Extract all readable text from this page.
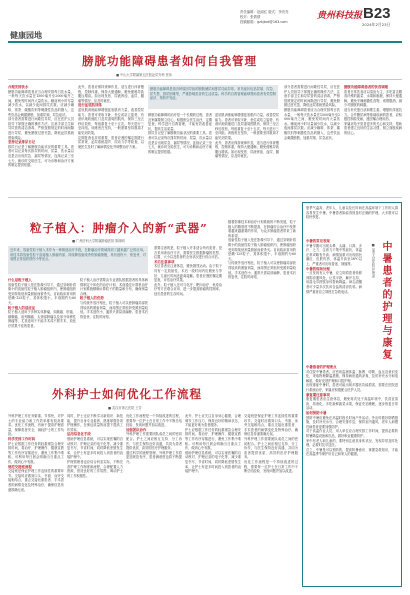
责任编辑：赵丽红 版式：李亮亮
校对：张倩倩
投稿邮箱：gzkjbrd@163.com
贵州科技报 B23
2024年2月23日
健康园地
膀胱功能障碍患者如何自我管理
■ 中山大学附属第五医院泌尿外科 张伟
合理安排饮水
膀胱功能障碍患者应当合理安排每日饮水量，一般每天饮水量在1500毫升至2000毫升之间，避免短时间内大量饮水。睡前两小时尽量减少饮水，以减少夜间排尿次数。应减少咖啡、浓茶、碳酸饮料等刺激性饮品的摄入，这些饮品会刺激膀胱，加重尿频、尿急症状。
部分患者需要进行间歇性导尿，应在医护人员指导下掌握正确的操作方法，注意手部卫生和导尿管的清洁消毒，严格按照规定的时间间隔进行导尿，避免膀胱过度充盈，降低泌尿系统感染风险。
坚持记录排尿日记
排尿日记是了解膀胱功能状况的重要工具。患者可以记录每次排尿的时间、尿量、饮水量以及是否出现尿急、漏尿等情况，连续记录三至七天，就诊时交给医生，可为诊断和治疗方案的制定提供依据。
此外，患者应保持规律作息，适当进行体育锻炼，控制体重，保持大便通畅，避免便秘导致腹压增高。如出现发热、尿液浑浊、血尿、腰痛等情况，应及时就医。
进行盆底肌训练
盆底肌训练能够增强盆底肌肉力量，改善控尿能力。患者可采取平卧、坐位或站立姿势，有意识地收缩肛门及尿道周围肌肉，保持三至五秒后放松，每组重复十至十五次，每天进行三至四组。训练贵在坚持，一般需要坚持数周才能见到效果。
定期复查也非常重要，患者应遵医嘱定期进行尿常规、泌尿系统超声、尿动力学等检查，以便医生及时了解病情变化并调整治疗方案。
膀胱功能障碍是指各种原因导致的膀胱储尿和排尿功能异常，常见症状包括尿频、尿急、尿失禁、排尿困难等，严重影响患者的生活质量。科学的自我管理能够帮助患者有效控制症状、预防并发症。
膀胱功能障碍的治疗是一个长期的过程，患者及家属要树立信心，积极配合医生治疗，定期复查，科学进行自我管理，才能有效改善症状，提高生活质量。
排尿日记是了解膀胱功能状况的重要工具。患者可以记录每次排尿的时间、尿量、饮水量以及是否出现尿急、漏尿等情况，连续记录三至七天，就诊时交给医生，可为诊断和治疗方案的制定提供依据。
盆底肌训练能够增强盆底肌肉力量，改善控尿能力。患者可采取平卧、坐位或站立姿势，有意识地收缩肛门及尿道周围肌肉，保持三至五秒后放松，每组重复十至十五次，每天进行三至四组。训练贵在坚持，一般需要坚持数周才能见到效果。
此外，患者应保持规律作息，适当进行体育锻炼，控制体重，保持大便通畅，避免便秘导致腹压增高。如出现发热、尿液浑浊、血尿、腰痛等情况，应及时就医。
部分患者需要进行间歇性导尿，应在医护人员指导下掌握正确的操作方法，注意手部卫生和导尿管的清洁消毒，严格按照规定的时间间隔进行导尿，避免膀胱过度充盈，降低泌尿系统感染风险。
膀胱功能障碍患者应当合理安排每日饮水量，一般每天饮水量在1500毫升至2000毫升之间，避免短时间内大量饮水。睡前两小时尽量减少饮水，以减少夜间排尿次数。应减少咖啡、浓茶、碳酸饮料等刺激性饮品的摄入，这些饮品会刺激膀胱，加重尿频、尿急症状。
膀胱功能障碍患者的饮食调理
患者日常饮食应以清淡为主，多吃富含膳食纤维的蔬菜、水果和粗粮，保持大便通畅。避免辛辣刺激性食物，戒烟限酒，减少对膀胱的刺激。
适当补充蛋白质和维生素，增强机体抵抗力。合并糖尿病等基础疾病的患者，应积极控制原发病，遵医嘱合理用药。
家属应给予患者更多的关心和支持，帮助患者建立良好的生活习惯，树立战胜疾病的信心。
粒子植入：肿瘤介入的新“武器”
■ 广州医科大学附属肿瘤医院 陈晓明
近年来，放射性粒子植入术作为一种微创治疗手段，在肿瘤治疗领域得到了越来越广泛的应用。该技术将放射性粒子直接植入肿瘤内部，持续释放射线杀伤肿瘤细胞，具有创伤小、恢复快、对周围正常组织损伤小等优点。
什么是粒子植入
放射性粒子植入是在影像引导下，通过穿刺针将微小的放射性粒子植入肿瘤组织内，使肿瘤组织受到持续低剂量照射而被杀灭。目前临床常用的是碘-125粒子，其体积很小，半衰期约为60天。
粒子植入的适应证
粒子植入适用于多种实体肿瘤，如肺癌、肝癌、胰腺癌、前列腺癌、头颈部肿瘤以及部分转移性肿瘤等，尤其适用于不能手术或不愿手术、放化疗效果不佳的患者。
粒子植入治疗需要由专业团队根据患者的具体病情制定个体化的治疗计划，术前通过计算机治疗计划系统精确计算粒子的数量和分布，确保剂量合理。
粒子植入的优势
与传统外放疗相比，粒子植入可以使肿瘤局部获得较高的照射剂量，而周围正常组织受照剂量较低。手术创伤小，通常只需局部麻醉，患者术后恢复快，住院时间短。
需要注意的是，粒子植入并非适合所有患者，是否采用该治疗方法，需要医生根据肿瘤的类型、位置、大小以及患者的全身状况进行综合评估。
术后注意事项
术后患者应注意休息，避免剧烈运动。由于粒子具有一定放射性，术后一段时间内应避免与孕妇、儿童长时间近距离接触。患者应遵医嘱定期复查，评估治疗效果。
此外，粒子植入还可与化疗、靶向治疗、免疫治疗等方法联合应用，进一步提高肿瘤的控制率，延长患者的生存时间。
随着影像技术和治疗计划系统的不断发展，粒子植入的精准度不断提高，在肿瘤综合治疗中发挥着越来越重要的作用，为众多肿瘤患者带来了新的希望。
放射性粒子植入是在影像引导下，通过穿刺针将微小的放射性粒子植入肿瘤组织内，使肿瘤组织受到持续低剂量照射而被杀灭。目前临床常用的是碘-125粒子，其体积很小，半衰期约为60天。
与传统外放疗相比，粒子植入可以使肿瘤局部获得较高的照射剂量，而周围正常组织受照剂量较低。手术创伤小，通常只需局部麻醉，患者术后恢复快，住院时间短。
夏季气温高，老年人、儿童以及长时间在高温环境下工作的人群容易发生中暑。中暑患者如能得到及时正确的护理，大多数可以较快恢复。
中暑患者的护理与康复
■ 某市人民医院 护理部
中暑的常见表现
中暑早期可出现头晕、头痛、口渴、多汗、乏力、注意力不集中等症状，体温正常或略有升高；病情加重可出现面色潮红、皮肤灼热、体温升高至38℃以上，严重者可出现昏迷、抽搐等。
中暑的现场处理
一旦发现有人中暑，应立即将患者转移到阴凉通风处，让其平卧，解开衣扣，用湿毛巾擦拭身体帮助降温。神志清醒者可少量多次饮用含盐的清凉饮料。病情严重者应立即拨打急救电话。
中暑患者的护理要点
对住院中暑患者，应密切监测体温、脉搏、呼吸、血压及意识变化，采取物理降温措施，保持病房通风凉爽，及时补充水分和电解质，做好皮肤护理和口腔护理。
出现重症中暑时，患者可能出现多器官功能损害，需要在医院进行系统治疗，家属应积极配合医护人员。
康复期注意事项
康复期患者应注意休息，避免再次处于高温环境中，饮食宜清淡、易消化，多吃新鲜蔬菜水果，保证充足睡眠，逐步恢复日常活动。
如何预防中暑
预防中暑应避免在高温时段长时间户外活动，外出时做好防晒措施，及时补充水分，合理安排作息，保持室内通风，老年人和慢性病患者更要加强防护。
对于高温作业人员，用人单位应合理安排工作时间，提供必要的防暑降温设备和饮品，做好职业健康防护。
家中有老人和儿童的，要特别注意其身体状况，发现异常及时处理，必要时及早送医。
总之，中暑是可以预防的，提高防暑意识、掌握急救知识，才能在高温季节保护好自己和家人的健康。
外科护士如何优化工作流程
■ 武汉市第五医院 王芳
外科护理工作任务繁重，节奏快，对护士的专业能力和工作效率都有较高要求。优化工作流程，有助于提高护理质量，保障患者安全，减轻护士的工作负担。
科学安排工作时间
护士应根据工作任务的轻重缓急合理安排时间，将治疗、护理操作、健康宣教等工作有序穿插进行，避免工作集中堆积。可利用每日晨会明确当日重点工作，做到心中有数。
规范交接班流程
交接班是保证护理工作连续性的重要环节。交接时应做到口头、书面、床旁交接相结合，重点交接危重患者、手术患者的病情变化及特殊治疗，确保信息传递准确无误。
同时，护士还应不断学习新知识、新技能，提升自身专业素养，熟练掌握各项护理操作，在保证质量的前提下提高工作效率。
运用信息化手段
借助护理信息系统，可以实现医嘱的自动核对、护理记录的电子化等，减少重复书写，节省时间，同时降低差错发生率，让护士有更多时间投入到患者的直接护理中。
护理管理者也应结合科室实际，不断完善护理工作制度和流程，合理配置人力资源，营造良好的工作氛围，调动护士的工作积极性。
优化工作流程是一个持续改进的过程，需要每一位护士在日常工作中不断总结经验、发现问题并加以改进。
加强团队协作
外科护理工作需要团队成员之间的密切配合。护士之间应相互支持、分工协作，与医生保持良好沟通，共同为患者提供优质、高效的医疗护理服务。
通过科学的流程管理，外科护理工作将更加规范有序，患者满意度也将不断提升。
此外，护士应关注自身身心健康，合理调节工作压力，保持良好的精神状态，才能更好地为患者服务。
护士应根据工作任务的轻重缓急合理安排时间，将治疗、护理操作、健康宣教等工作有序穿插进行，避免工作集中堆积。可利用每日晨会明确当日重点工作，做到心中有数。
借助护理信息系统，可以实现医嘱的自动核对、护理记录的电子化等，减少重复书写，节省时间，同时降低差错发生率，让护士有更多时间投入到患者的直接护理中。
交接班是保证护理工作连续性的重要环节。交接时应做到口头、书面、床旁交接相结合，重点交接危重患者、手术患者的病情变化及特殊治疗，确保信息传递准确无误。
外科护理工作需要团队成员之间的密切配合。护士之间应相互支持、分工协作，与医生保持良好沟通，共同为患者提供优质、高效的医疗护理服务。
优化工作流程是一个持续改进的过程，需要每一位护士在日常工作中不断总结经验、发现问题并加以改进。
